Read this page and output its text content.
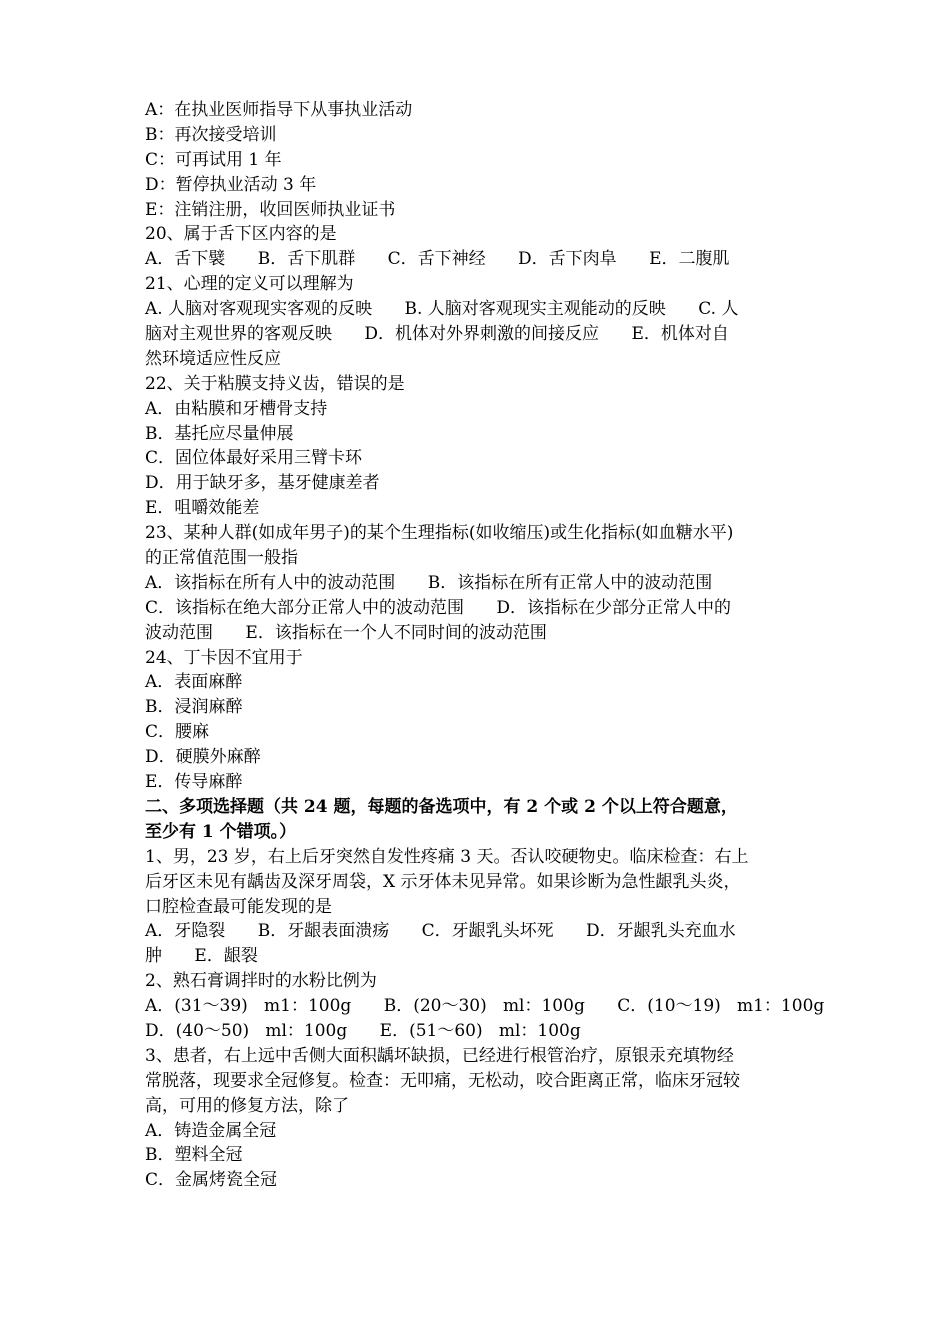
A：在执业医师指导下从事执业活动
B：再次接受培训
C：可再试用 1 年
D：暂停执业活动 3 年
E：注销注册，收回医师执业证书
20、属于舌下区内容的是
A．舌下襞      B．舌下肌群      C．舌下神经      D．舌下肉阜      E．二腹肌
21、心理的定义可以理解为
A. 人脑对客观现实客观的反映      B. 人脑对客观现实主观能动的反映      C. 人
脑对主观世界的客观反映      D．机体对外界刺激的间接反应      E．机体对自
然环境适应性反应
22、关于粘膜支持义齿，错误的是
A．由粘膜和牙槽骨支持
B．基托应尽量伸展
C．固位体最好采用三臂卡环
D．用于缺牙多，基牙健康差者
E．咀嚼效能差
23、某种人群(如成年男子)的某个生理指标(如收缩压)或生化指标(如血糖水平)
的正常值范围一般指
A．该指标在所有人中的波动范围      B．该指标在所有正常人中的波动范围
C．该指标在绝大部分正常人中的波动范围      D．该指标在少部分正常人中的
波动范围      E．该指标在一个人不同时间的波动范围
24、丁卡因不宜用于
A．表面麻醉
B．浸润麻醉
C．腰麻
D．硬膜外麻醉
E．传导麻醉
二、多项选择题（共 24 题，每题的备选项中，有 2 个或 2 个以上符合题意，
至少有 1 个错项。）
1、男，23 岁，右上后牙突然自发性疼痛 3 天。否认咬硬物史。临床检查：右上
后牙区未见有龋齿及深牙周袋，X 示牙体未见异常。如果诊断为急性龈乳头炎，
口腔检查最可能发现的是
A．牙隐裂      B．牙龈表面溃疡      C．牙龈乳头坏死      D．牙龈乳头充血水
肿      E．龈裂
2、熟石膏调拌时的水粉比例为
A．(31～39)   m1：100g      B．(20～30)   ml：100g      C．(10～19)   m1：100g
D．(40～50)   ml：100g      E．(51～60)   ml：100g
3、患者，右上远中舌侧大面积龋坏缺损，已经进行根管治疗，原银汞充填物经
常脱落，现要求全冠修复。检查：无叩痛，无松动，咬合距离正常，临床牙冠较
高，可用的修复方法，除了
A．铸造金属全冠
B．塑料全冠
C．金属烤瓷全冠
